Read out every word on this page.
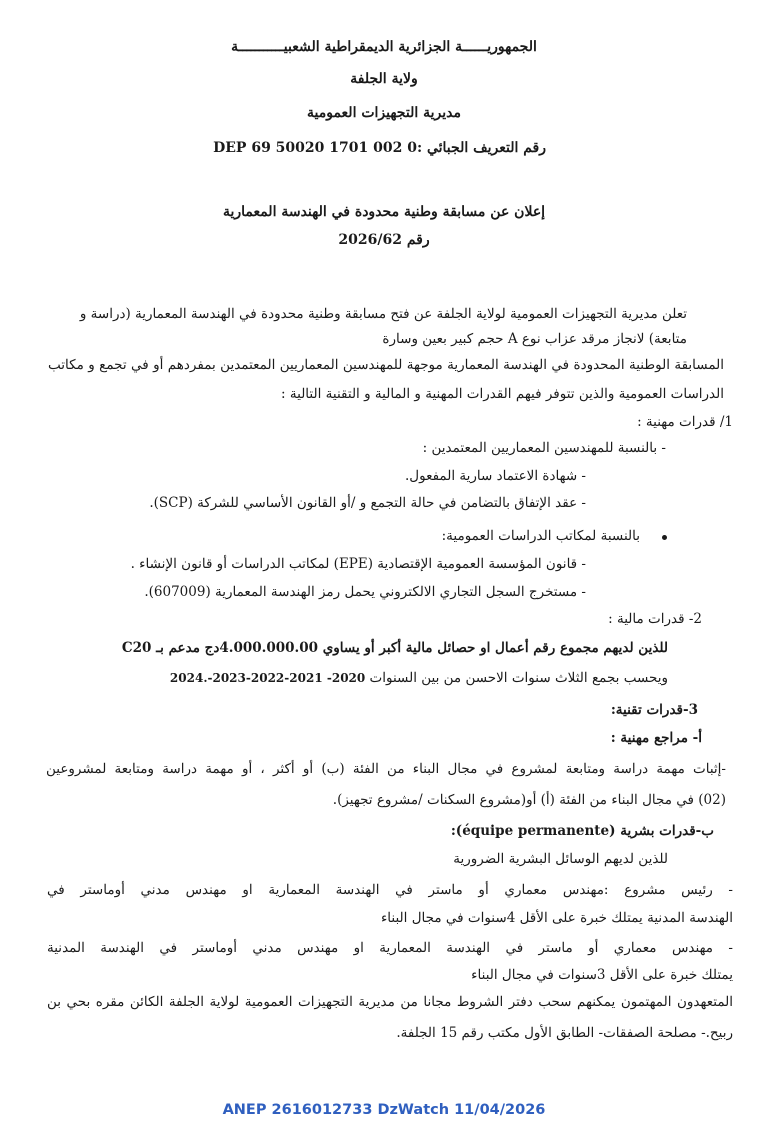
الجمهوريــــــة الجزائرية الديمقراطية الشعبيـــــــــــة
ولاية الجلفة
مديرية التجهيزات العمومية
رقم التعريف الجبائي :DEP 69 50020 1701 002 0
إعلان عن مسابقة وطنية محدودة في الهندسة المعمارية
رقم 2026/62
تعلن مديرية التجهيزات العمومية لولاية الجلفة عن فتح مسابقة وطنية محدودة في الهندسة المعمارية (دراسة و
متابعة) لانجاز مرقد عزاب نوع A حجم كبير بعين وسارة
المسابقة الوطنية المحدودة في الهندسة المعمارية موجهة للمهندسين المعماريين المعتمدين بمفردهم أو في تجمع و مكاتب
الدراسات العمومية والذين تتوفر فيهم القدرات المهنية و المالية و التقنية التالية :
1/ قدرات مهنية :
- بالنسبة للمهندسين المعماريين المعتمدين :
- شهادة الاعتماد سارية المفعول.
- عقد الإتفاق بالتضامن في حالة التجمع و /أو القانون الأساسي للشركة (SCP).
بالنسبة لمكاتب الدراسات العمومية:
- قانون المؤسسة العمومية الإقتصادية (EPE) لمكاتب الدراسات أو قانون الإنشاء .
- مستخرج السجل التجاري الالكتروني يحمل رمز الهندسة المعمارية (607009).
2- قدرات مالية :
للذين لديهم مجموع رقم أعمال او حصائل مالية أكبر أو يساوي 4.000.000.00دج مدعم بـ C20
ويحسب بجمع الثلاث سنوات الاحسن من بين السنوات 2020- 2021-2022-2023-.2024
3-قدرات تقنية:
أ- مراجع مهنية :
-إثبات مهمة دراسة ومتابعة لمشروع في مجال البناء من الفئة (ب) أو أكثر ، أو مهمة دراسة ومتابعة لمشروعين
(02) في مجال البناء من الفئة (أ) أو(مشروع السكنات /مشروع تجهيز).
ب-قدرات بشرية (équipe permanente):
للذين لديهم الوسائل البشرية الضرورية
- رئيس مشروع :مهندس معماري أو ماستر في الهندسة المعمارية او مهندس مدني أوماستر في
الهندسة المدنية يمتلك خبرة على الأقل 4سنوات في مجال البناء
- مهندس معماري أو ماستر في الهندسة المعمارية او مهندس مدني أوماستر في الهندسة المدنية
يمتلك خبرة على الأقل 3سنوات في مجال البناء
المتعهدون المهتمون يمكنهم سحب دفتر الشروط مجانا من مديرية التجهيزات العمومية لولاية الجلفة الكائن مقره بحي بن
ربيح.- مصلحة الصفقات- الطابق الأول مكتب رقم 15 الجلفة.
ANEP 2616012733 DzWatch 11/04/2026
